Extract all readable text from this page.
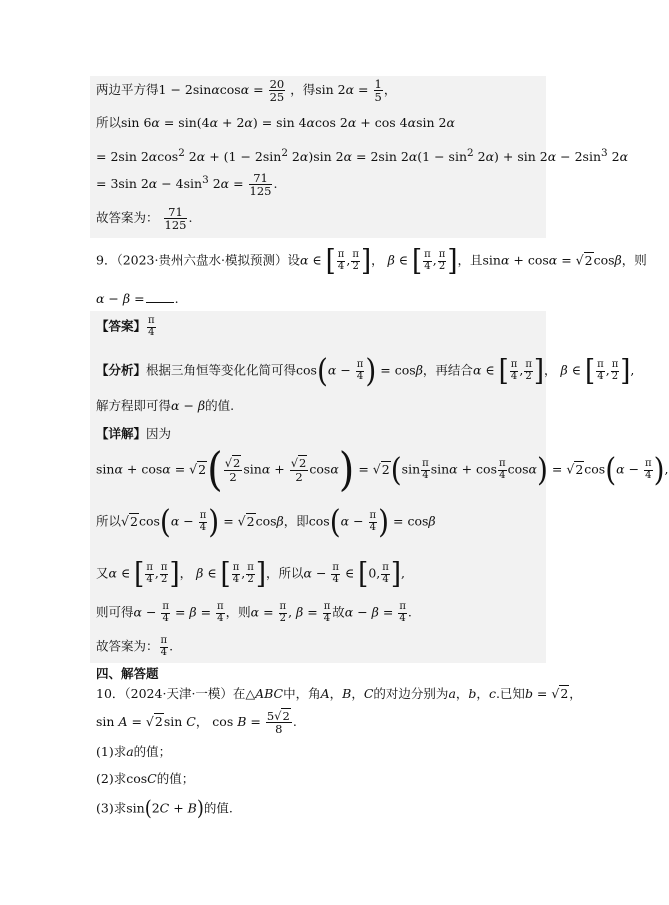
两边平方得$1 - 2\sin\alpha\cos\alpha = \frac{20}{25}$ ，得$\sin 2\alpha = \frac{1}{5}$ ，
所以sin 6α = sin(4α + 2α) = sin 4αcos 2α + cos 4αsin 2α
= 2sin 2αcos$^2$ $2\alpha + (1 - 2\sin^2$ 2α)sin 2α = 2sin $2\alpha(1 - \sin^2 2\alpha) + \sin 2\alpha - 2\sin^3$ 2α
= 3sin $2\alpha - 4\sin^3$ $2\alpha = \frac{71}{125}$ .
故答案为： $\frac{71}{125}$ .
9．（2023·贵州六盘水·模拟预测）设α ∈ [ $\frac{\pi}{4}$ , $\frac{\pi}{2}$ ]， β ∈ [ $\frac{\pi}{4}$ , $\frac{\pi}{2}$ ]，且sinα + cosα = √2cosβ，则
α − β = .
【答案】 $\frac{\pi}{4}$
【分析】根据三角恒等变化化简可得$\cos(\alpha - \frac{\pi}{4}$ ) = cosβ，再结合α ∈ [ $\frac{\pi}{4}$ , $\frac{\pi}{2}$ ]， β ∈ [ $\frac{\pi}{4}$ , $\frac{\pi}{2}$ ],
解方程即可得α − β的值.
【详解】因为
$\sin\alpha + \cos\alpha = √2( \frac{√2}{2}$ $\sin\alpha + \frac{√2}{2} \cos\alpha) = √2(\sin \frac{\pi}{4}$ $\sin\alpha + \cos \frac{\pi}{4} \cos\alpha) = √2\cos(\alpha - \frac{\pi}{4}$ ),
所以$√2\cos(\alpha - \frac{\pi}{4}$ ) = √2cosβ，即$\cos(\alpha - \frac{\pi}{4}$ ) = cosβ
又α ∈ [ $\frac{\pi}{4}$ , $\frac{\pi}{2}$ ]， β ∈ [ $\frac{\pi}{4}$ , $\frac{\pi}{2}$ ]，所以$\alpha - \frac{\pi}{4}$ ∈ [0, $\frac{\pi}{4}$ ],
则可得$\alpha - \frac{\pi}{4} = \beta = \frac{\pi}{4}$ ，则$\alpha = \frac{\pi}{2}$ , $\beta = \frac{\pi}{4}$ 故$\alpha - \beta = \frac{\pi}{4}$ .
故答案为： $\frac{\pi}{4}$ .
四、解答题
10．（2024·天津·一模）在△ABC中，角A，B，C的对边分别为a，b，c.已知b = √2，
sin A = √2sin C， $\cos B = \frac{5√2}{8}$ .
(1)求a的值；
(2)求cosC的值；
(3)求sin(2C + B)的值.
